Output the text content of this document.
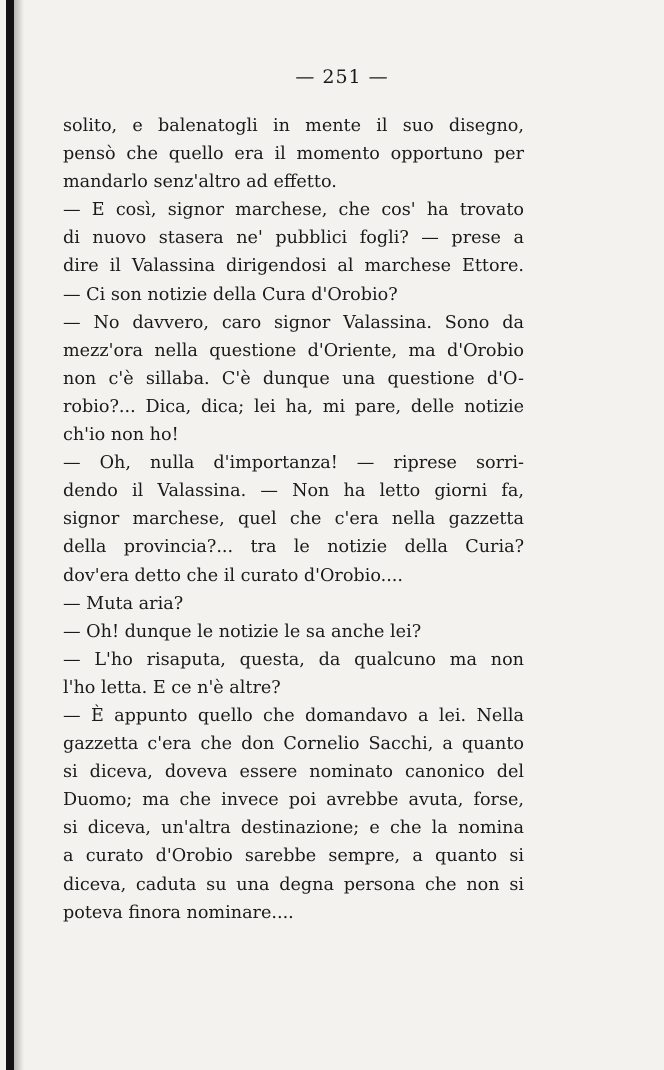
— 251 —
solito, e balenatogli in mente il suo disegno,
pensò che quello era il momento opportuno per
mandarlo senz'altro ad effetto.
— E così, signor marchese, che cos' ha trovato
di nuovo stasera ne' pubblici fogli? — prese a
dire il Valassina dirigendosi al marchese Ettore.
— Ci son notizie della Cura d'Orobio?
— No davvero, caro signor Valassina. Sono da
mezz'ora nella questione d'Oriente, ma d'Orobio
non c'è sillaba. C'è dunque una questione d'O-
robio?... Dica, dica; lei ha, mi pare, delle notizie
ch'io non ho!
— Oh, nulla d'importanza! — riprese sorri-
dendo il Valassina. — Non ha letto giorni fa,
signor marchese, quel che c'era nella gazzetta
della provincia?... tra le notizie della Curia?
dov'era detto che il curato d'Orobio....
— Muta aria?
— Oh! dunque le notizie le sa anche lei?
— L'ho risaputa, questa, da qualcuno ma non
l'ho letta. E ce n'è altre?
— È appunto quello che domandavo a lei. Nella
gazzetta c'era che don Cornelio Sacchi, a quanto
si diceva, doveva essere nominato canonico del
Duomo; ma che invece poi avrebbe avuta, forse,
si diceva, un'altra destinazione; e che la nomina
a curato d'Orobio sarebbe sempre, a quanto si
diceva, caduta su una degna persona che non si
poteva finora nominare....
